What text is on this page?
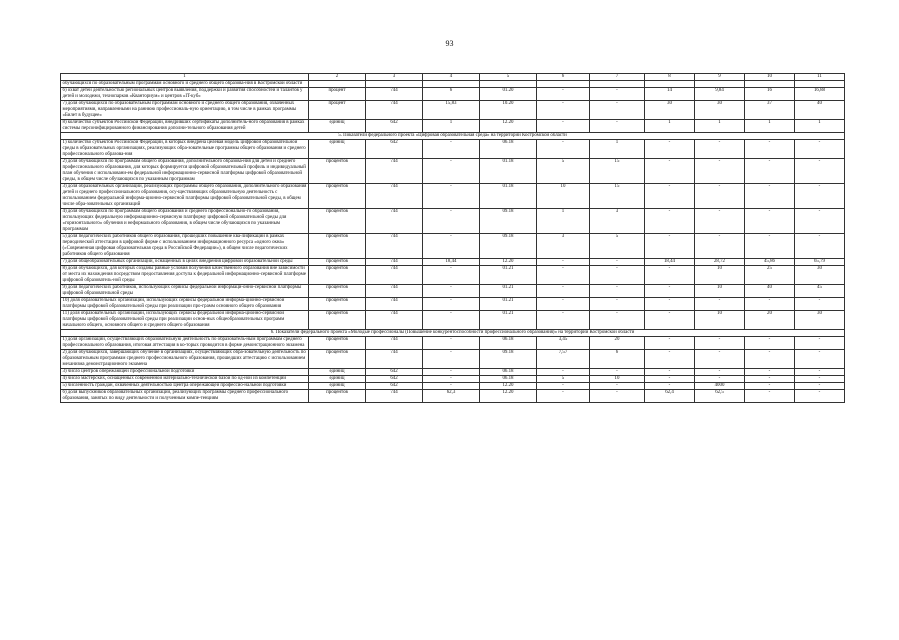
93
1	2	3	4	5	6	7	8	9	10	11
обучающихся по образовательным программам основного и среднего общего образова-ния в Костромской области										
6) охват детей деятельностью региональных центров выявления, поддержки и развития способностей и талантов у детей и молодежи, технопарков «Кванториум» и центров «IT-куб»	процент	744	6	01.20	-	-	14	9,84	16	16,88
7) доля обучающихся по образовательным программам основного и среднего общего образования, охваченных мероприятиями, направленными на раннюю профессиональ-ную ориентацию, в том числе в рамках программы «Билет в будущее»	процент	744	15,83	10.20	-	-	30	30	37	40
8) количество субъектов Российской Федерации, внедривших сертификаты дополнитель-ного образования в рамках системы персонифицированного финансирования дополни-тельного образования детей	единиц	642	1	12.20	-	-	1	1	1	1
5. Показатели федерального проекта «Цифровая образовательная среда» на территории Костромской области										
1) количество субъектов Российской Федерации, в которых внедрена целевая модель цифровой образовательной среды в образовательных организациях, реализующих обра-зовательные программы общего образования и среднего профессионального образова-ния	единиц	642	-	06.18	-	1	-	-	-	-
2) доля обучающихся по программам общего образования, дополнительного образова-ния для детей и среднего профессионального образования, для которых формируется цифровой образовательный профиль и индивидуальный план обучения с использовани-ем федеральной информационно-сервисной платформы цифровой образовательной среды, в общем числе обучающихся по указанным программам	процентов	744	-	01.18	5	15	-	-	-	-
3) доля образовательных организаций, реализующих программы общего образования, дополнительного образования детей и среднего профессионального образования, осу-ществляющих образовательную деятельность с использованием федеральной информа-ционно-сервисной платформы цифровой образовательной среды, в общем числе обра-зовательных организаций	процентов	744	-	01.18	10	15	-	-	-	-
4) доля обучающихся по программам общего образования и среднего профессионально-го образования, использующих федеральную информационно-сервисную платформу цифровой образовательной среды для «горизонтального» обучения и неформального образования, в общем числе обучающихся по указанным программам	процентов	744	-	09.18	1	3	-	-	-	-
5) доля педагогических работников общего образования, прошедших повышение ква-лификации в рамках периодической аттестации в цифровой форме с использованием информационного ресурса «одного окна» («Современная цифровая образовательная среда в Российской Федерации»), в общем числе педагогических работников общего образования	процентов	744	-	09.18	3	5	-	-	-	-
7) доля общеобразовательных организаций, оснащенных в целях внедрения цифровой образовательной среды	процентов	744	18,44	12.20	-	-	18,44	28,72	45,86	65,79
8) доля обучающихся, для которых созданы равные условия получения качественного образования вне зависимости от места их нахождения посредством предоставления доступа к федеральной информационно-сервисной платформе цифровой образователь-ной среды	процентов	744	-	01.21	-	-	-	10	25	30
9) доля педагогических работников, использующих сервисы федеральной информаци-онно-сервисной платформы цифровой образовательной среды	процентов	744	-	01.21	-	-	-	10	40	45
10) доля образовательных организаций, использующих сервисы федеральной информа-ционно-сервисной платформы цифровой образовательной среды при реализации про-грамм основного общего образования	процентов	744	-	01.21	-	-	-	-	-	-
11) доля образовательных организаций, использующих сервисы федеральной информа-ционно-сервисной платформы цифровой образовательной среды при реализации основ-ных общеобразовательных программ начального общего, основного общего и среднего общего образования	процентов	744	-	01.21	-	-	-	10	20	30
6. Показатели федерального проекта «Молодые профессионалы (Повышение конкурентоспособности профессионального образования)» на территории Костромской области										
1) доля организаций, осуществляющих образовательную деятельность по образователь-ным программам среднего профессионального образования, итоговая аттестация в ко-торых проводится в форме демонстрационного экзамена	процентов	744	-	06.18	3,45	20	-	-	-	-
2) доля обучающихся, завершающих обучение в организациях, осуществляющих обра-зовательную деятельность по образовательным программам среднего профессионального образования, прошедших аттестацию с использованием механизма демонстрационного экзамена	процентов	744	-	09.18	7,57	6	-	-	-	-
3) число центров опережающей профессиональной подготовки	единиц	642	-	06.18	-	-	-	-	-	-
4) число мастерских, оснащенных современной материально-технической базой по од-ной из компетенций	единиц	642	-	06.18	5	10	-	-	-	-
5) численность граждан, охваченных деятельностью Центра опережающей профессио-нальной подготовки	единиц	642	-	12.20	-	-	-	4000	-	-
6) доля выпускников образовательных организаций, реализующих программы среднего профессионального образования, занятых по виду деятельности и полученным компе-тенциям	процентов	744	62,3	12.20	-	-	62,4	62,5	-	-
